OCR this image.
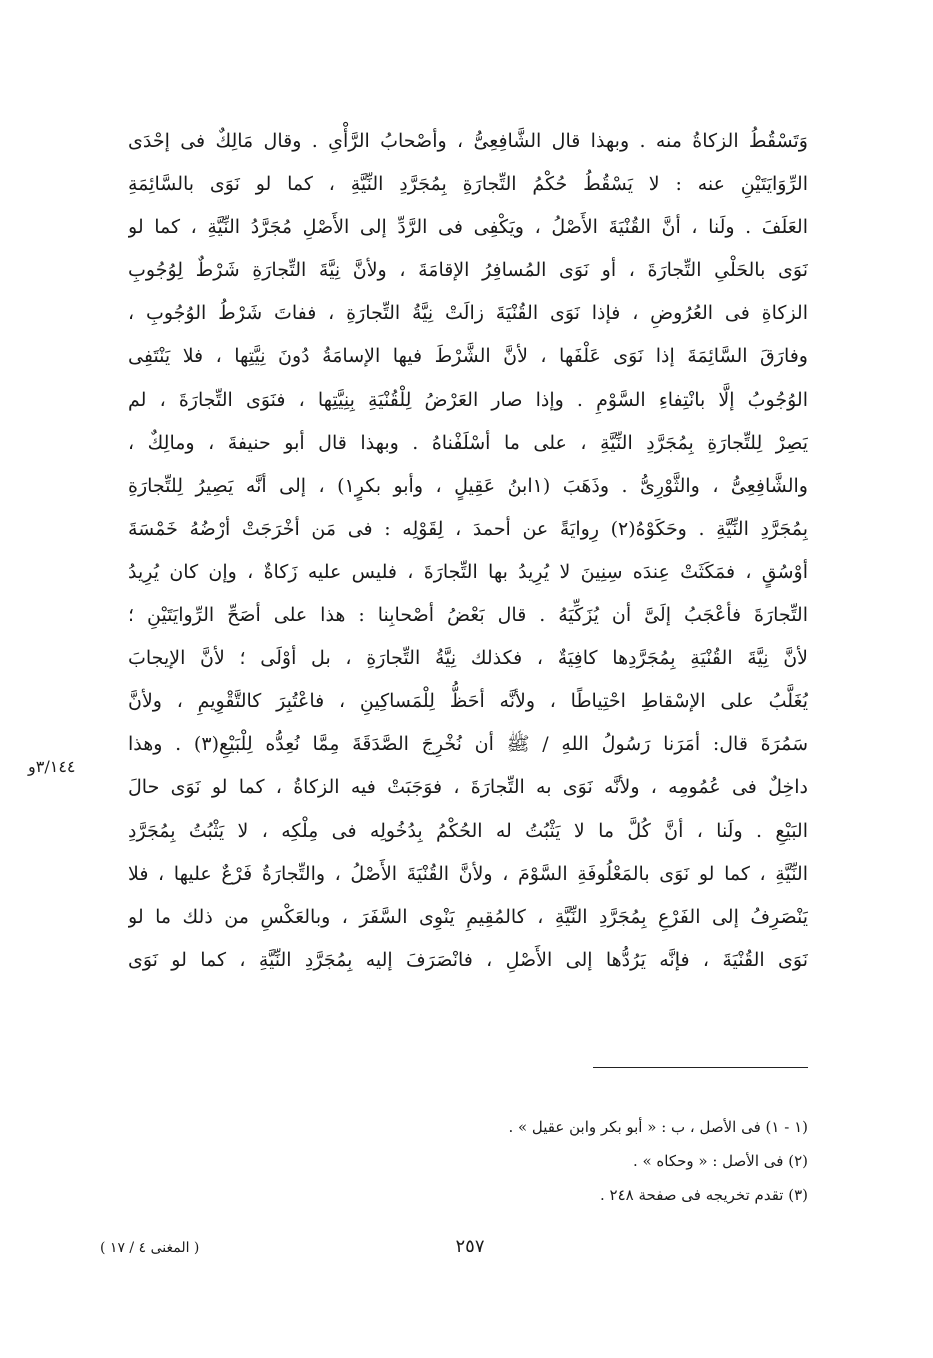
وَتَسْقُطُ الزكاةُ منه . وبهذا قال الشَّافِعِىُّ ، وأصْحابُ الرَّأْىِ . وقال مَالِكٌ فى إحْدَى
الرِّوَايَتَيْنِ عنه : لا يَسْقُطُ حُكْمُ التِّجارَةِ بِمُجَرَّدِ النِّيَّةِ ، كما لو نَوَى بالسَّائِمَةِ
العَلَفَ . ولَنا ، أنَّ القُنْيَةَ الأَصْلُ ، ويَكْفِى فى الرَّدِّ إلى الأَصْلِ مُجَرَّدُ النِّيَّةِ ، كما لو
نَوَى بالحَلْىِ التِّجارَةَ ، أو نَوَى المُسافِرُ الإقامَةَ ، ولأنَّ نِيَّةَ التِّجارَةِ شَرْطٌ لِوُجُوبِ
الزكاةِ فى العُرُوضِ ، فإذا نَوَى القُنْيَةَ زالَتْ نِيَّةُ التِّجارَةِ ، ففاتَ شَرْطُ الوُجُوبِ ،
وفارَقَ السَّائِمَةَ إذا نَوَى عَلْفَها ، لأنَّ الشَّرْطَ فيها الإسامَةُ دُونَ نِيَّتِها ، فلا يَنْتَفِى
الوُجُوبُ إلَّا بانْتِفاءِ السَّوْمِ . وإذا صار العَرْضُ لِلْقُنْيَةِ بِنِيَّتِها ، فنَوَى التِّجارَةَ ، لم
يَصِرْ لِلتِّجارَةِ بِمُجَرَّدِ النِّيَّةِ ، على ما أسْلَفْناهُ . وبهذا قال أبو حنيفةَ ، ومالِكٌ ،
والشَّافِعِىُّ ، والثَّوْرِىُّ . وذَهَبَ (١ابنُ عَقِيلٍ ، وأبو بكرٍ١) ، إلى أنَّه يَصِيرُ لِلتِّجارَةِ
بِمُجَرَّدِ النِّيَّةِ . وحَكَوْهُ(٢) رِوايَةً عن أحمدَ ، لِقَوْلِه : فى مَن أخْرَجَتْ أرْضُهُ خَمْسَةَ
أوْسُقٍ ، فمَكَثَتْ عِندَه سِنِينَ لا يُرِيدُ بها التِّجارَةَ ، فليس عليه زَكاةٌ ، وإن كان يُرِيدُ
التِّجارَةَ فأعْجَبُ إلَىَّ أن يُزَكِّيَهُ . قال بَعْضُ أصْحابِنا : هذا على أصَحِّ الرِّوايَتَيْنِ ؛
لأنَّ نِيَّةَ القُنْيَةِ بِمُجَرَّدِها كافِيَةٌ ، فكذلك نِيَّةُ التِّجارَةِ ، بل أوْلَى ؛ لأنَّ الإيجابَ
يُغَلَّبُ على الإسْقاطِ احْتِياطًا ، ولأنَّه أحَظُّ لِلْمَساكِينِ ، فاعْتُبِرَ كالتَّقْوِيمِ ، ولأنَّ
سَمُرَةَ قال: أمَرَنا رَسُولُ اللهِ / ﷺ أن نُخْرِجَ الصَّدَقَةَ مِمَّا نُعِدُّه لِلْبَيْعِ(٣) . وهذا
داخِلٌ فى عُمُومِه ، ولأنَّه نَوَى به التِّجارَةَ ، فوَجَبَتْ فيه الزكاةُ ، كما لو نَوَى حالَ
البَيْعِ . ولَنا ، أنَّ كُلَّ ما لا يَثْبُتُ له الحُكْمُ بِدُخُولِه فى مِلْكِه ، لا يَثْبُتُ بِمُجَرَّدِ
النِّيَّةِ ، كما لو نَوَى بالمَعْلُوفَةِ السَّوْمَ ، ولأنَّ القُنْيَةَ الأَصْلُ ، والتِّجارَةُ فَرْعٌ عليها ، فلا
يَنْصَرِفُ إلى الفَرْعِ بِمُجَرَّدِ النِّيَّةِ ، كالمُقِيمِ يَنْوِى السَّفَرَ ، وبالعَكْسِ من ذلك ما لو
نَوَى القُنْيَةَ ، فإنَّه يَرُدُّها إلى الأَصْلِ ، فانْصَرَفَ إليه بِمُجَرَّدِ النِّيَّةِ ، كما لو نَوَى
٣/١٤٤و
(١ - ١) فى الأصل ، ب : « أبو بكر وابن عقيل » .
(٢) فى الأصل : « وحكاه » .
(٣) تقدم تخريجه فى صفحة ٢٤٨ .
٢٥٧
( المغنى ٤ / ١٧ )
